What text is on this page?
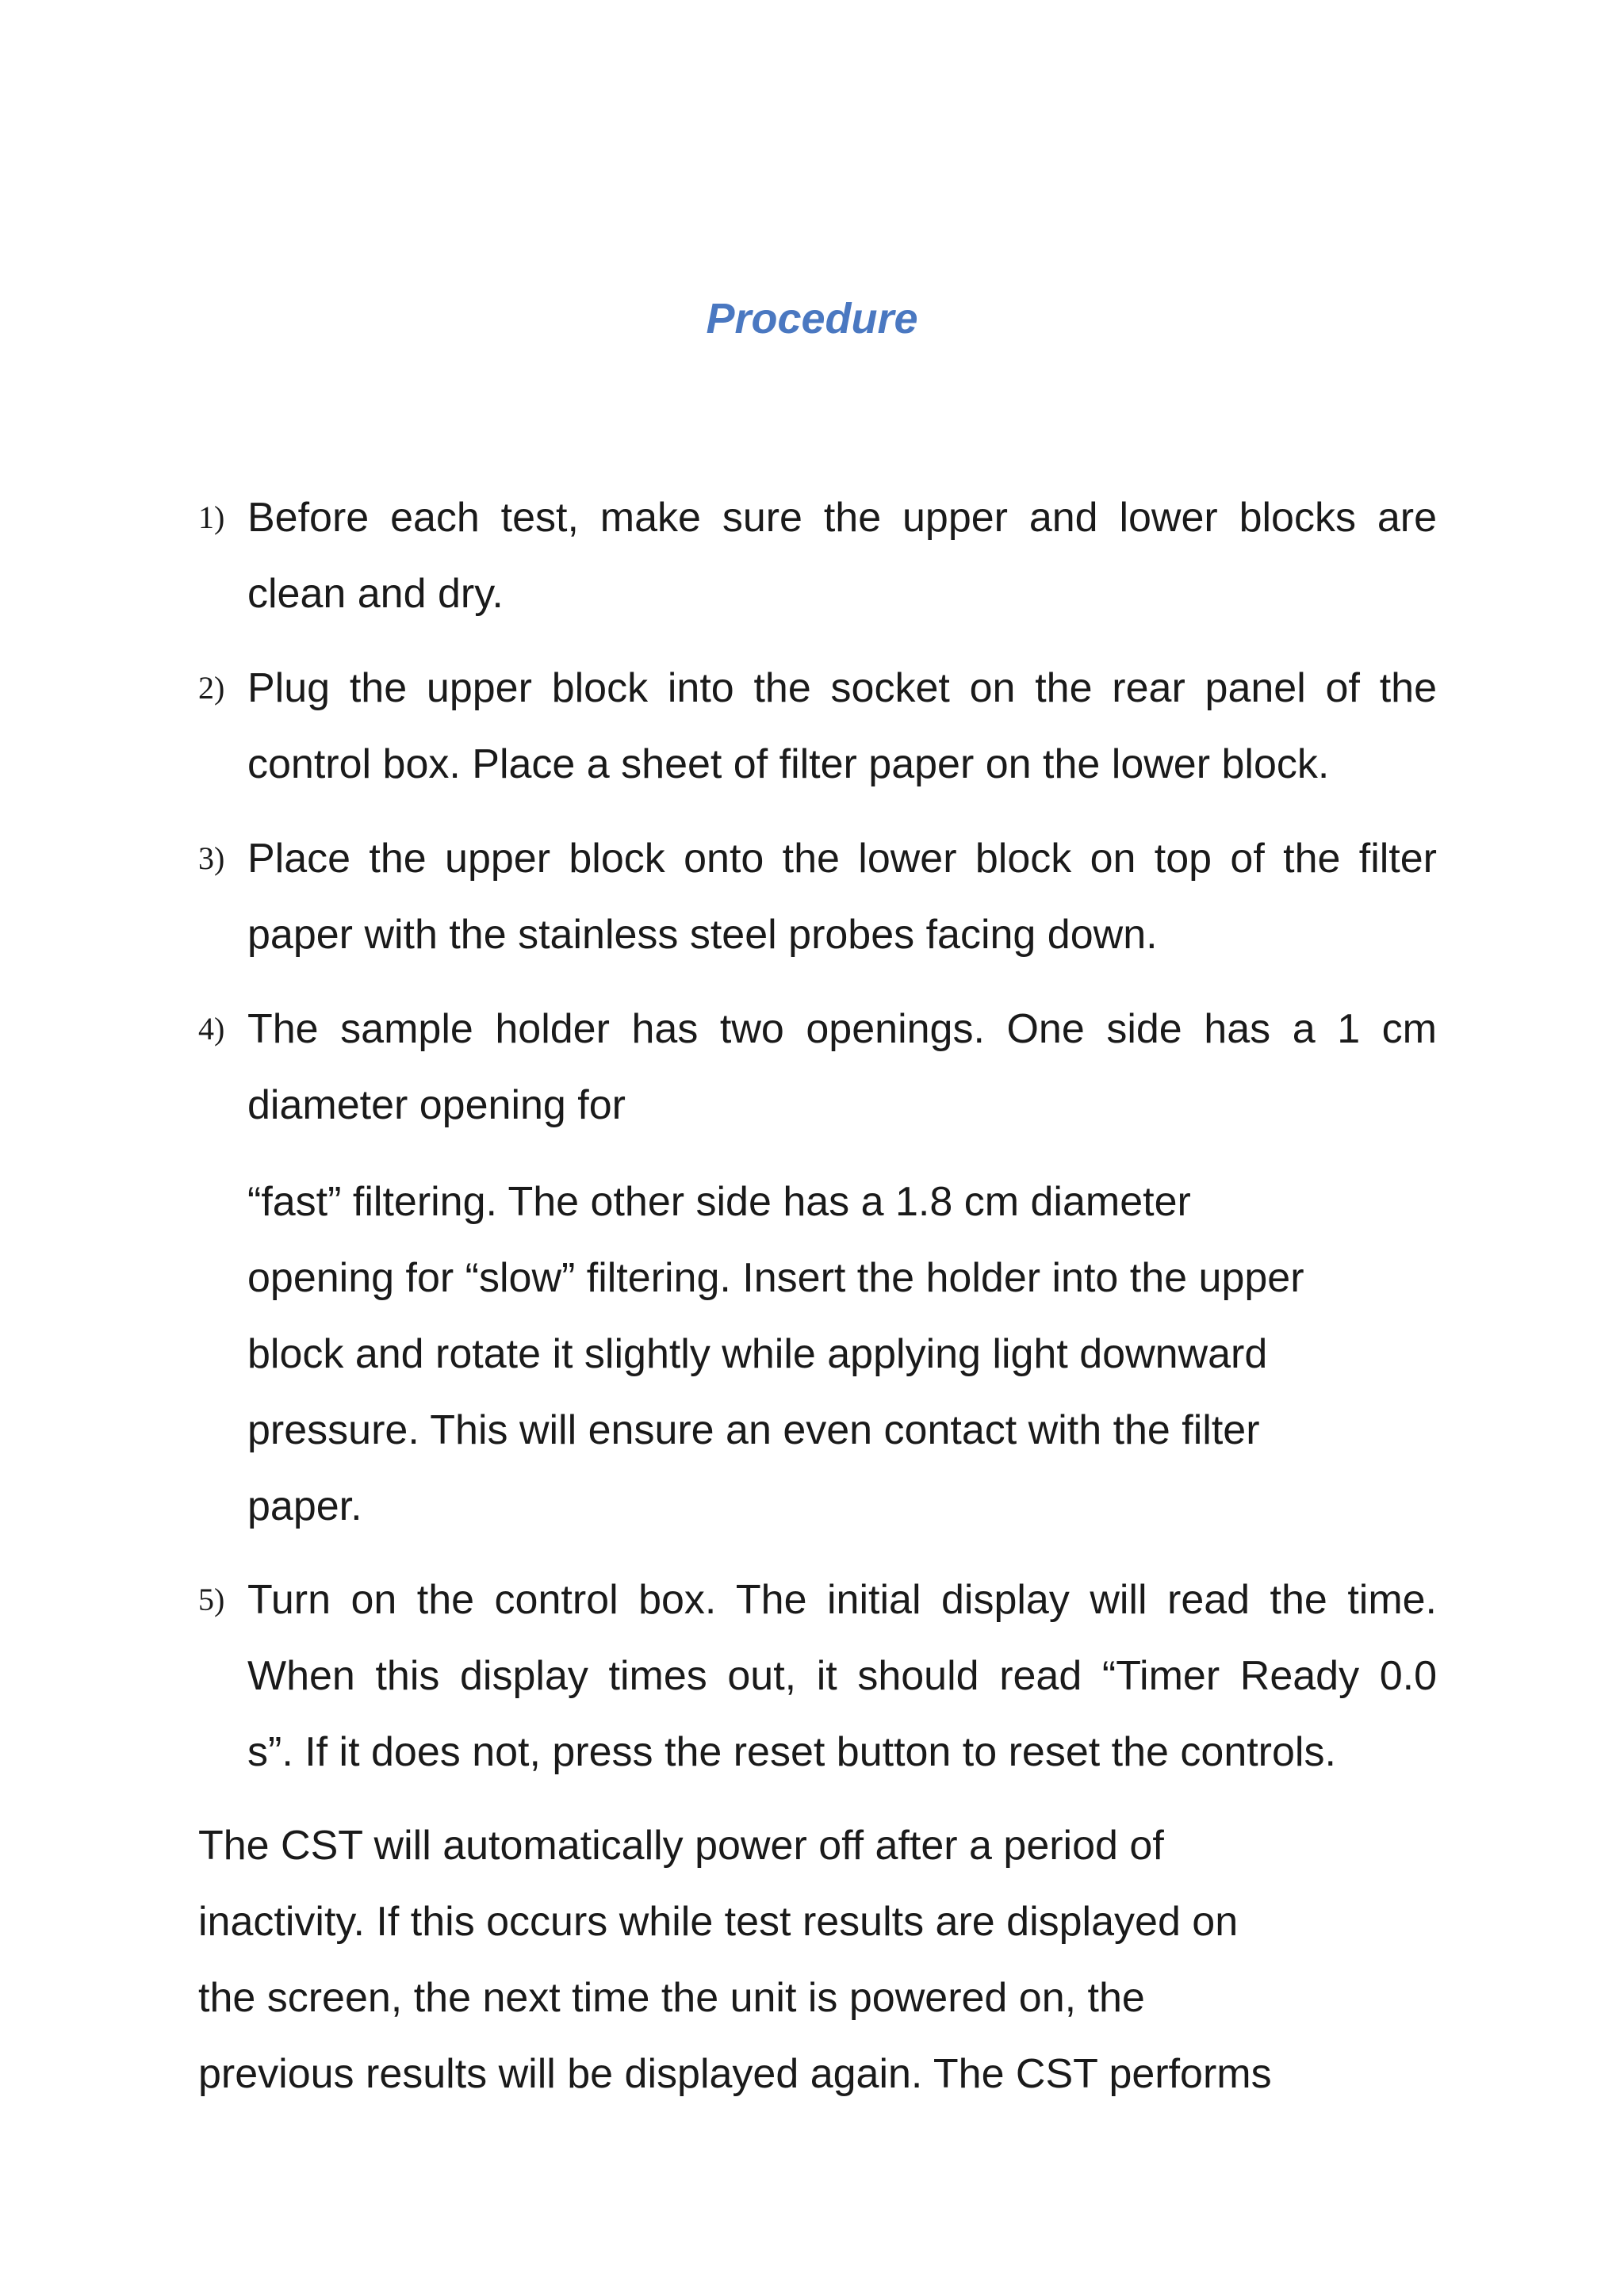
Procedure
1) Before each test, make sure the upper and lower blocks are
clean and dry.
2) Plug the upper block into the socket on the rear panel of the
control box. Place a sheet of filter paper on the lower block.
3) Place the upper block onto the lower block on top of the filter
paper with the stainless steel probes facing down.
4) The sample holder has two openings. One side has a 1 cm
diameter opening for
“fast” filtering. The other side has a 1.8 cm diameter
opening for “slow” filtering. Insert the holder into the upper
block and rotate it slightly while applying light downward
pressure. This will ensure an even contact with the filter
paper.
5) Turn on the control box. The initial display will read the time.
When this display times out, it should read “Timer Ready 0.0
s”. If it does not, press the reset button to reset the controls.
The CST will automatically power off after a period of
inactivity. If this occurs while test results are displayed on
the screen, the next time the unit is powered on, the
previous results will be displayed again. The CST performs
